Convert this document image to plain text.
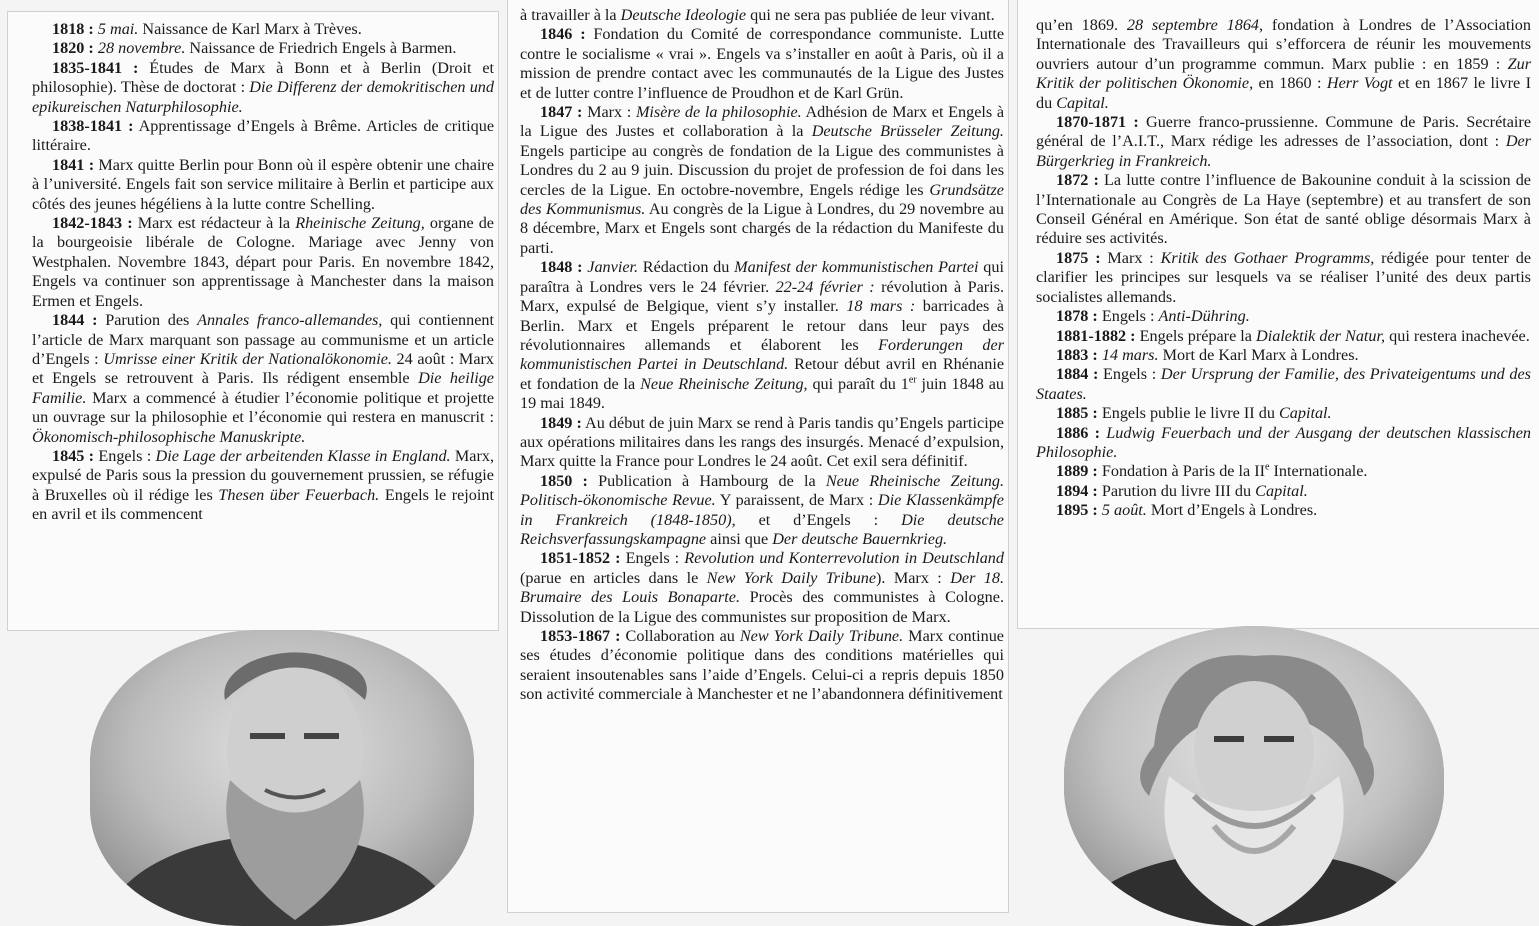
1818 : 5 mai. Naissance de Karl Marx à Trèves.

1820 : 28 novembre. Naissance de Friedrich Engels à Barmen.

1835-1841 : Études de Marx à Bonn et à Berlin (Droit et philosophie). Thèse de doctorat : Die Differenz der demokritischen und epikureischen Naturphilosophie.

1838-1841 : Apprentissage d’Engels à Brême. Articles de critique littéraire.

1841 : Marx quitte Berlin pour Bonn où il espère obtenir une chaire à l’université. Engels fait son service militaire à Berlin et participe aux côtés des jeunes hégéliens à la lutte contre Schelling.

1842-1843 : Marx est rédacteur à la Rheinische Zeitung, organe de la bourgeoisie libérale de Cologne. Mariage avec Jenny von Westphalen. Novembre 1843, départ pour Paris. En novembre 1842, Engels va continuer son apprentissage à Manchester dans la maison Ermen et Engels.

1844 : Parution des Annales franco-allemandes, qui contiennent l’article de Marx marquant son passage au communisme et un article d’Engels : Umrisse einer Kritik der Nationalökonomie. 24 août : Marx et Engels se retrouvent à Paris. Ils rédigent ensemble Die heilige Familie. Marx a commencé à étudier l’économie politique et projette un ouvrage sur la philosophie et l’économie qui restera en manuscrit : Ökonomisch-philosophische Manuskripte.

1845 : Engels : Die Lage der arbeitenden Klasse in England. Marx, expulsé de Paris sous la pression du gouvernement prussien, se réfugie à Bruxelles où il rédige les Thesen über Feuerbach. Engels le rejoint en avril et ils commencent

à travailler à la Deutsche Ideologie qui ne sera pas publiée de leur vivant.

1846 : Fondation du Comité de correspondance communiste. Lutte contre le socialisme « vrai ». Engels va s’installer en août à Paris, où il a mission de prendre contact avec les communautés de la Ligue des Justes et de lutter contre l’influence de Proudhon et de Karl Grün.

1847 : Marx : Misère de la philosophie. Adhésion de Marx et Engels à la Ligue des Justes et collaboration à la Deutsche Brüsseler Zeitung. Engels participe au congrès de fondation de la Ligue des communistes à Londres du 2 au 9 juin. Discussion du projet de profession de foi dans les cercles de la Ligue. En octobre-novembre, Engels rédige les Grundsätze des Kommunismus. Au congrès de la Ligue à Londres, du 29 novembre au 8 décembre, Marx et Engels sont chargés de la rédaction du Manifeste du parti.

1848 : Janvier. Rédaction du Manifest der kommunistischen Partei qui paraîtra à Londres vers le 24 février. 22-24 février : révolution à Paris. Marx, expulsé de Belgique, vient s’y installer. 18 mars : barricades à Berlin. Marx et Engels préparent le retour dans leur pays des révolutionnaires allemands et élaborent les Forderungen der kommunistischen Partei in Deutschland. Retour début avril en Rhénanie et fondation de la Neue Rheinische Zeitung, qui paraît du 1er juin 1848 au 19 mai 1849.

1849 : Au début de juin Marx se rend à Paris tandis qu’Engels participe aux opérations militaires dans les rangs des insurgés. Menacé d’expulsion, Marx quitte la France pour Londres le 24 août. Cet exil sera définitif.

1850 : Publication à Hambourg de la Neue Rheinische Zeitung. Politisch-ökonomische Revue. Y paraissent, de Marx : Die Klassenkämpfe in Frankreich (1848-1850), et d’Engels : Die deutsche Reichsverfassungskampagne ainsi que Der deutsche Bauernkrieg.

1851-1852 : Engels : Revolution und Konterrevolution in Deutschland (parue en articles dans le New York Daily Tribune). Marx : Der 18. Brumaire des Louis Bonaparte. Procès des communistes à Cologne. Dissolution de la Ligue des communistes sur proposition de Marx.

1853-1867 : Collaboration au New York Daily Tribune. Marx continue ses études d’économie politique dans des conditions matérielles qui seraient insoutenables sans l’aide d’Engels. Celui-ci a repris depuis 1850 son activité commerciale à Manchester et ne l’abandonnera définitivement

qu’en 1869. 28 septembre 1864, fondation à Londres de l’Association Internationale des Travailleurs qui s’efforcera de réunir les mouvements ouvriers autour d’un programme commun. Marx publie : en 1859 : Zur Kritik der politischen Ökonomie, en 1860 : Herr Vogt et en 1867 le livre I du Capital.

1870-1871 : Guerre franco-prussienne. Commune de Paris. Secrétaire général de l’A.I.T., Marx rédige les adresses de l’association, dont : Der Bürgerkrieg in Frankreich.

1872 : La lutte contre l’influence de Bakounine conduit à la scission de l’Internationale au Congrès de La Haye (septembre) et au transfert de son Conseil Général en Amérique. Son état de santé oblige désormais Marx à réduire ses activités.

1875 : Marx : Kritik des Gothaer Programms, rédigée pour tenter de clarifier les principes sur lesquels va se réaliser l’unité des deux partis socialistes allemands.

1878 : Engels : Anti-Dühring.

1881-1882 : Engels prépare la Dialektik der Natur, qui restera inachevée.

1883 : 14 mars. Mort de Karl Marx à Londres.

1884 : Engels : Der Ursprung der Familie, des Privateigentums und des Staates.

1885 : Engels publie le livre II du Capital.

1886 : Ludwig Feuerbach und der Ausgang der deutschen klassischen Philosophie.

1889 : Fondation à Paris de la IIe Internationale.

1894 : Parution du livre III du Capital.

1895 : 5 août. Mort d’Engels à Londres.
